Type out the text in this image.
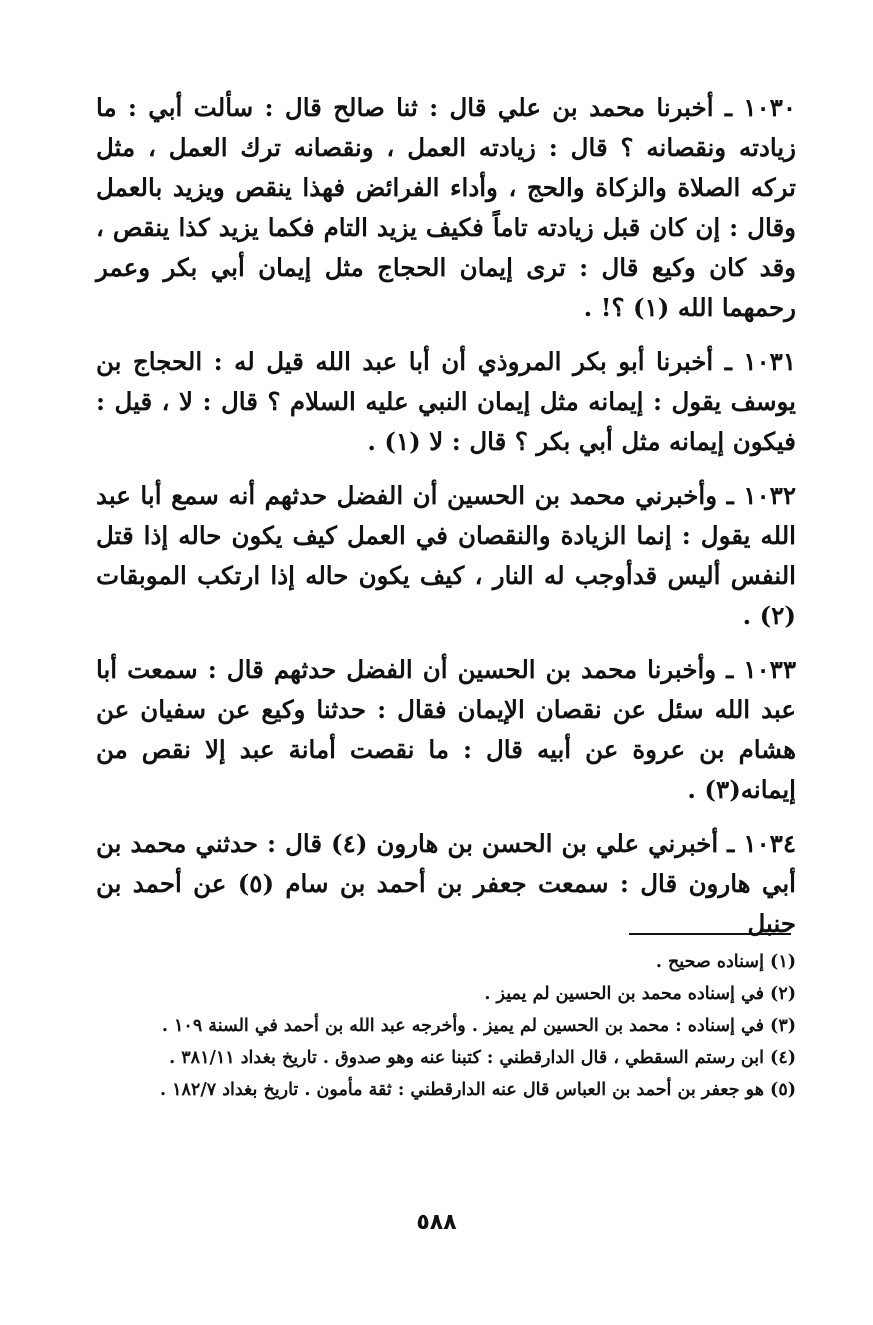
١٠٣٠ ـ أخبرنا محمد بن علي قال : ثنا صالح قال : سألت أبي : ما زيادته ونقصانه ؟ قال : زيادته العمل ، ونقصانه ترك العمل ، مثل تركه الصلاة والزكاة والحج ، وأداء الفرائض فهذا ينقص ويزيد بالعمل وقال : إن كان قبل زيادته تاماً فكيف يزيد التام فكما يزيد كذا ينقص ، وقد كان وكيع قال : ترى إيمان الحجاج مثل إيمان أبي بكر وعمر رحمهما الله (١) ؟! .

١٠٣١ ـ أخبرنا أبو بكر المروذي أن أبا عبد الله قيل له : الحجاج بن يوسف يقول : إيمانه مثل إيمان النبي عليه السلام ؟ قال : لا ، قيل : فيكون إيمانه مثل أبي بكر ؟ قال : لا (١) .

١٠٣٢ ـ وأخبرني محمد بن الحسين أن الفضل حدثهم أنه سمع أبا عبد الله يقول : إنما الزيادة والنقصان في العمل كيف يكون حاله إذا قتل النفس أليس قدأوجب له النار ، كيف يكون حاله إذا ارتكب الموبقات (٢) .

١٠٣٣ ـ وأخبرنا محمد بن الحسين أن الفضل حدثهم قال : سمعت أبا عبد الله سئل عن نقصان الإيمان فقال : حدثنا وكيع عن سفيان عن هشام بن عروة عن أبيه قال : ما نقصت أمانة عبد إلا نقص من إيمانه(٣) .

١٠٣٤ ـ أخبرني علي بن الحسن بن هارون (٤) قال : حدثني محمد بن أبي هارون قال : سمعت جعفر بن أحمد بن سام (٥) عن أحمد بن حنبل

(١) إسناده صحيح .

(٢) في إسناده محمد بن الحسين لم يميز .

(٣) في إسناده : محمد بن الحسين لم يميز . وأخرجه عبد الله بن أحمد في السنة ١٠٩ .

(٤) ابن رستم السقطي ، قال الدارقطني : كتبنا عنه وهو صدوق . تاريخ بغداد ٣٨١/١١ .

(٥) هو جعفر بن أحمد بن العباس قال عنه الدارقطني : ثقة مأمون . تاريخ بغداد ١٨٢/٧ .

٥٨٨
